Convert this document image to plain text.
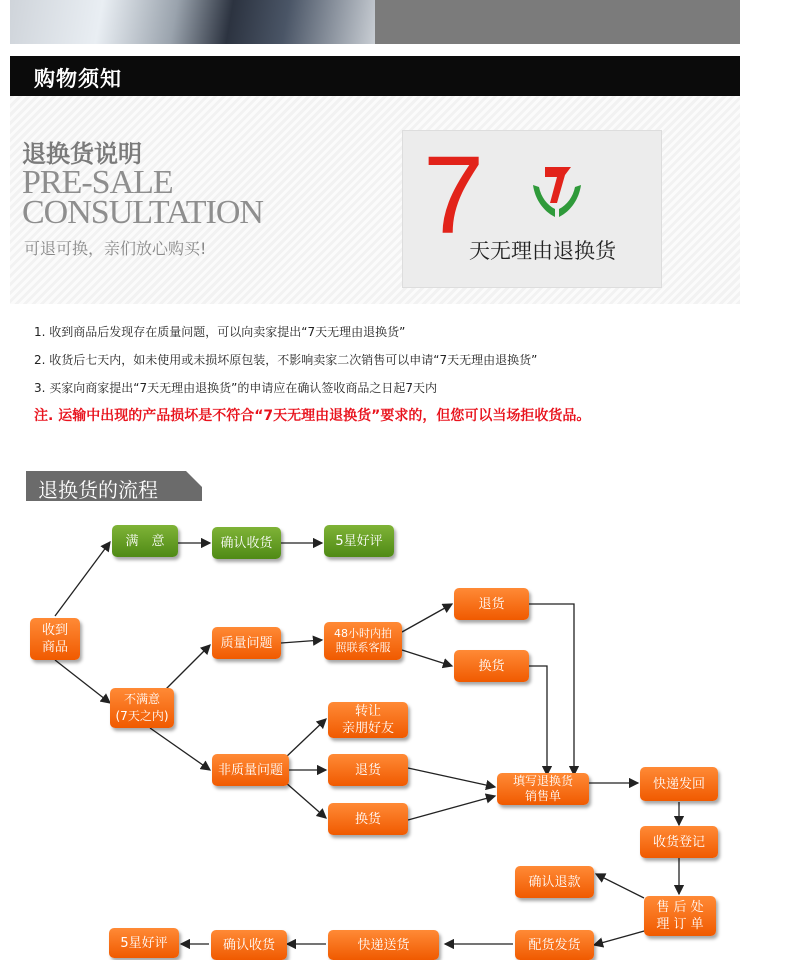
购物须知
退换货说明
PRE-SALE
CONSULTATION
可退可换，亲们放心购买! 7
天无理由退换货
1. 收到商品后发现存在质量问题，可以向卖家提出“7天无理由退换货”
2. 收货后七天内，如未使用或未损坏原包装，不影响卖家二次销售可以申请“7天无理由退换货”
3. 买家向商家提出“7天无理由退换货”的申请应在确认签收商品之日起7天内
注. 运输中出现的产品损坏是不符合“7天无理由退换货”要求的，但您可以当场拒收货品。
退换货的流程
收到
商品
满　意	确认收货	5星好评
不满意
(7天之内)
质量问题
48小时内拍
照联系客服
退货
换货
非质量问题
转让
亲朋好友
退货
换货
填写退换货
销售单
快递发回
收货登记
售 后 处
理 订 单
确认退款
配货发货
快递送货
确认收货
5星好评
